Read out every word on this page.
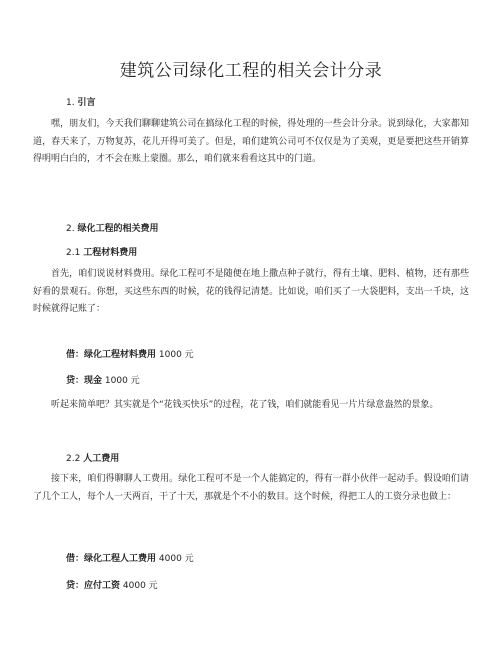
建筑公司绿化工程的相关会计分录
1. 引言
嘿，朋友们，今天我们聊聊建筑公司在搞绿化工程的时候，得处理的一些会计分录。说到绿化，大家都知道，春天来了，万物复苏，花儿开得可美了。但是，咱们建筑公司可不仅仅是为了美观，更是要把这些开销算得明明白白的，才不会在账上蒙圈。那么，咱们就来看看这其中的门道。
2. 绿化工程的相关费用
2.1 工程材料费用
首先，咱们说说材料费用。绿化工程可不是随便在地上撒点种子就行，得有土壤、肥料、植物，还有那些好看的景观石。你想，买这些东西的时候，花的钱得记清楚。比如说，咱们买了一大袋肥料，支出一千块，这时候就得记账了：
借：绿化工程材料费用 1000 元
贷：现金 1000 元
听起来简单吧？其实就是个“花钱买快乐”的过程，花了钱，咱们就能看见一片片绿意盎然的景象。
2.2 人工费用
接下来，咱们得聊聊人工费用。绿化工程可不是一个人能搞定的，得有一群小伙伴一起动手。假设咱们请了几个工人，每个人一天两百，干了十天，那就是个不小的数目。这个时候，得把工人的工资分录也做上：
借：绿化工程人工费用 4000 元
贷：应付工资 4000 元
